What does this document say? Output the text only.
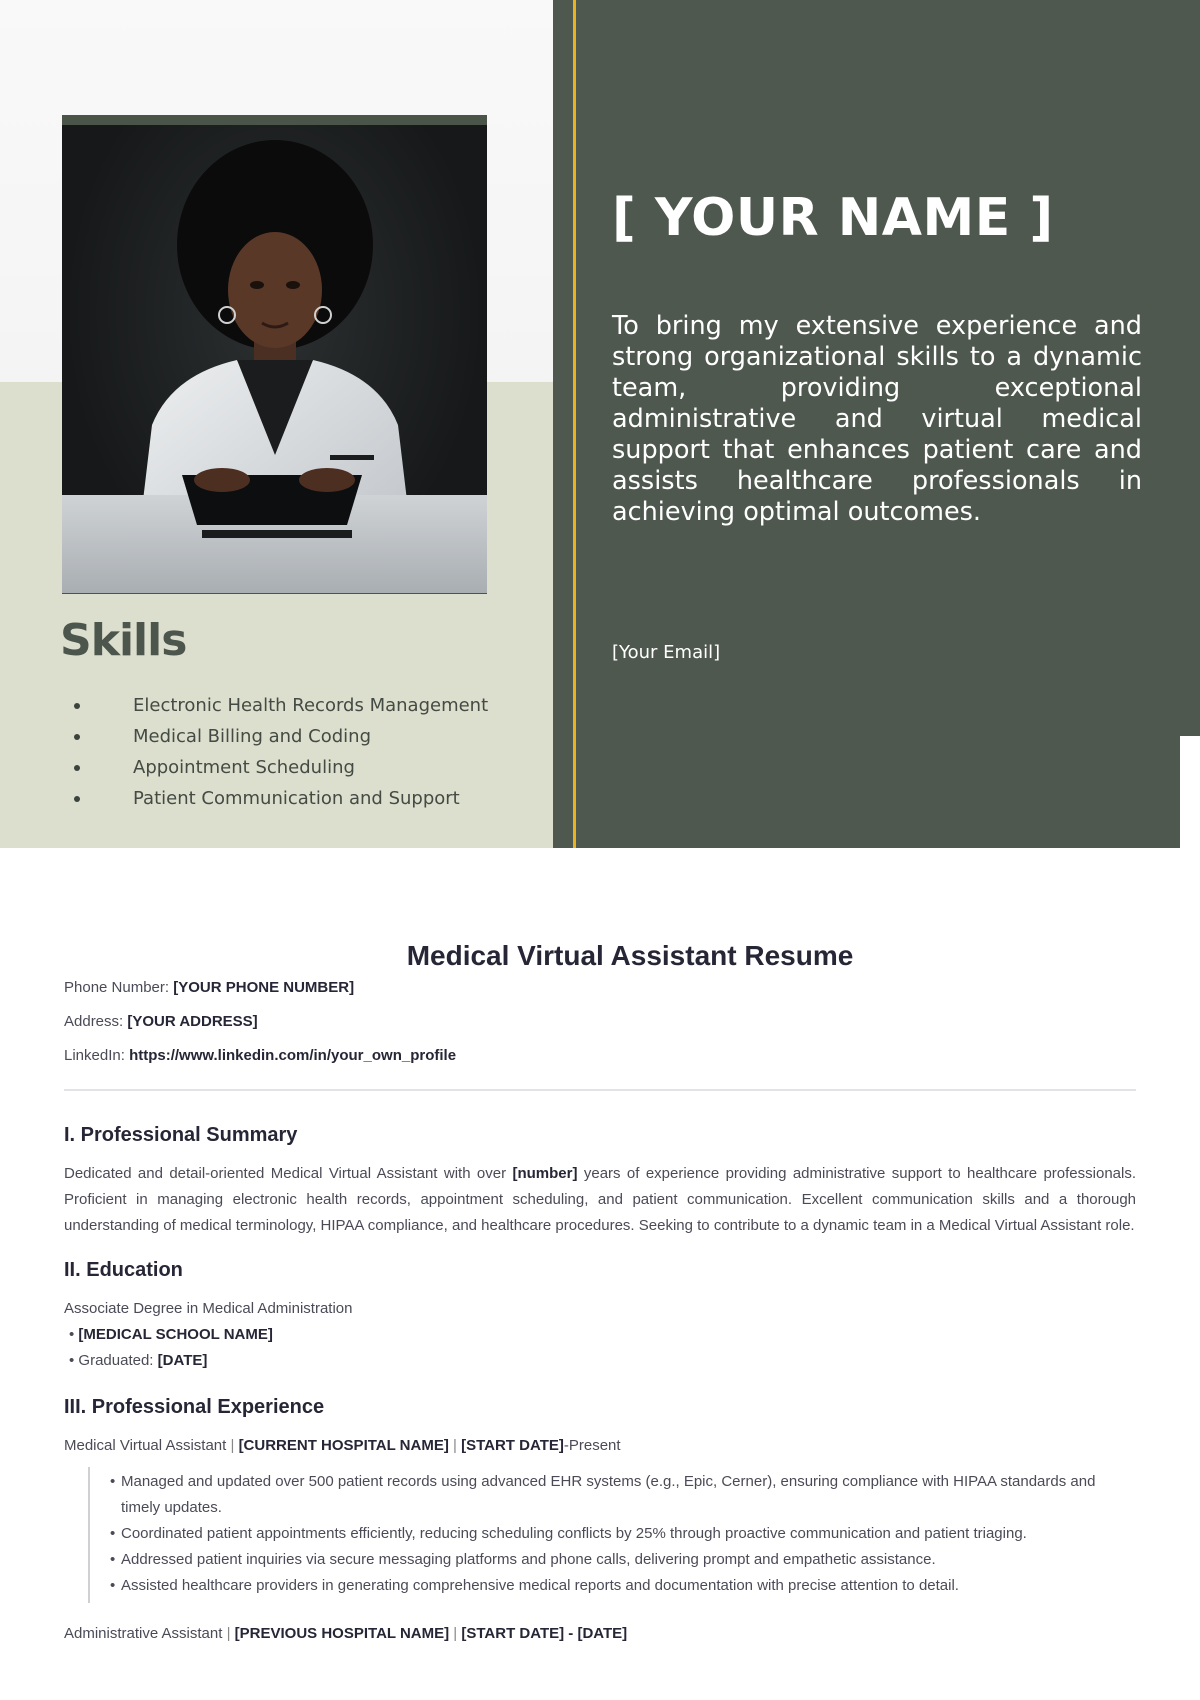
Skills
Electronic Health Records Management
Medical Billing and Coding
Appointment Scheduling
Patient Communication and Support
[ YOUR NAME ]

To bring my extensive experience and strong organizational skills to a dynamic team, providing exceptional administrative and virtual medical support that enhances patient care and assists healthcare professionals in achieving optimal outcomes.

[Your Email]
Medical Virtual Assistant Resume

Phone Number: [YOUR PHONE NUMBER]

Address: [YOUR ADDRESS]

LinkedIn: https://www.linkedin.com/in/your_own_profile

I. Professional Summary

Dedicated and detail-oriented Medical Virtual Assistant with over [number] years of experience providing administrative support to healthcare professionals. Proficient in managing electronic health records, appointment scheduling, and patient communication. Excellent communication skills and a thorough understanding of medical terminology, HIPAA compliance, and healthcare procedures. Seeking to contribute to a dynamic team in a Medical Virtual Assistant role.

II. Education
Associate Degree in Medical Administration
• [MEDICAL SCHOOL NAME]
• Graduated: [DATE]
III. Professional Experience
Medical Virtual Assistant | [CURRENT HOSPITAL NAME] | [START DATE]-Present
• Managed and updated over 500 patient records using advanced EHR systems (e.g., Epic, Cerner), ensuring compliance with HIPAA standards and timely updates.
• Coordinated patient appointments efficiently, reducing scheduling conflicts by 25% through proactive communication and patient triaging.
• Addressed patient inquiries via secure messaging platforms and phone calls, delivering prompt and empathetic assistance.
• Assisted healthcare providers in generating comprehensive medical reports and documentation with precise attention to detail.
Administrative Assistant | [PREVIOUS HOSPITAL NAME] | [START DATE] - [DATE]
